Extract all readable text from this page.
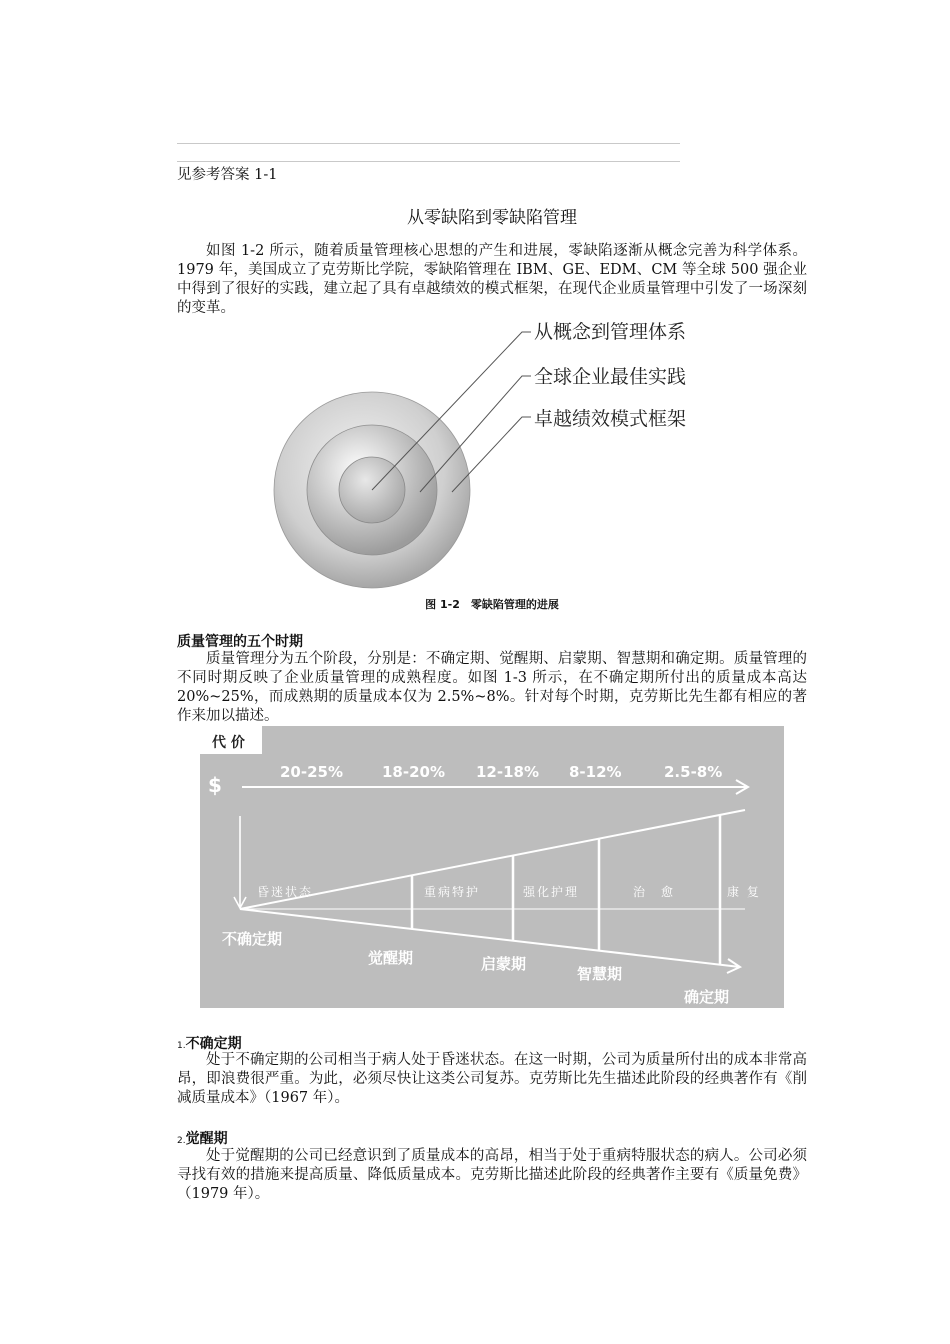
见参考答案 1-1
从零缺陷到零缺陷管理
如图 1-2 所示，随着质量管理核心思想的产生和进展，零缺陷逐渐从概念完善为科学体系。1979 年，美国成立了克劳斯比学院，零缺陷管理在 IBM、GE、EDM、CM 等全球 500 强企业中得到了很好的实践，建立起了具有卓越绩效的模式框架，在现代企业质量管理中引发了一场深刻的变革。
从概念到管理体系
全球企业最佳实践
卓越绩效模式框架
图 1-2　零缺陷管理的进展
质量管理的五个时期
质量管理分为五个阶段，分别是：不确定期、觉醒期、启蒙期、智慧期和确定期。质量管理的不同时期反映了企业质量管理的成熟程度。如图 1-3 所示，在不确定期所付出的质量成本高达 20%~25%，而成熟期的质量成本仅为 2.5%~8%。针对每个时期，克劳斯比先生都有相应的著作来加以描述。
代 价
$
20-25%	18-20% 12-18% 8-12%	2.5-8%
昏迷状态	重病特护	强化护理	治　愈	康 复
不确定期
觉醒期	启蒙期
智慧期
确定期
1.不确定期
处于不确定期的公司相当于病人处于昏迷状态。在这一时期，公司为质量所付出的成本非常高昂，即浪费很严重。为此，必须尽快让这类公司复苏。克劳斯比先生描述此阶段的经典著作有《削减质量成本》（1967 年）。
2.觉醒期
处于觉醒期的公司已经意识到了质量成本的高昂，相当于处于重病特服状态的病人。公司必须寻找有效的措施来提高质量、降低质量成本。克劳斯比描述此阶段的经典著作主要有《质量免费》（1979 年）。
